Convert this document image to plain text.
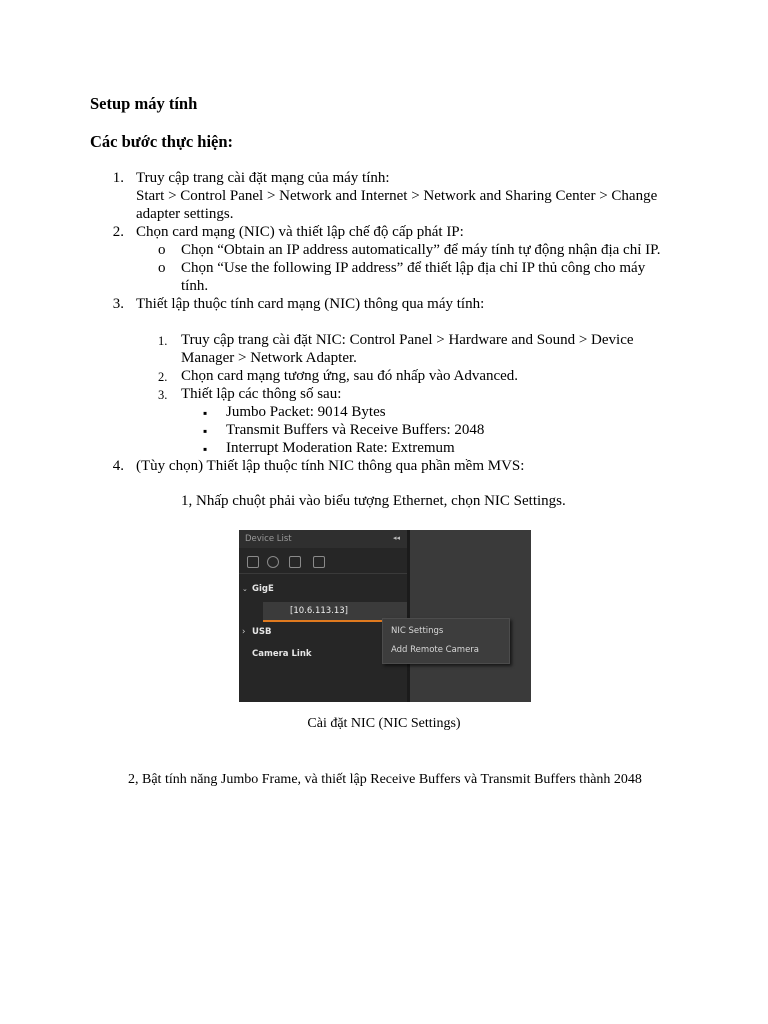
Setup máy tính
Các bước thực hiện:
1. Truy cập trang cài đặt mạng của máy tính:
Start > Control Panel > Network and Internet > Network and Sharing Center > Change
adapter settings.
2. Chọn card mạng (NIC) và thiết lập chế độ cấp phát IP:
o Chọn “Obtain an IP address automatically” để máy tính tự động nhận địa chỉ IP.
o Chọn “Use the following IP address” để thiết lập địa chỉ IP thủ công cho máy
tính.
3. Thiết lập thuộc tính card mạng (NIC) thông qua máy tính:
1. Truy cập trang cài đặt NIC: Control Panel > Hardware and Sound > Device
Manager > Network Adapter.
2. Chọn card mạng tương ứng, sau đó nhấp vào Advanced.
3. Thiết lập các thông số sau:
▪ Jumbo Packet: 9014 Bytes
▪ Transmit Buffers và Receive Buffers: 2048
▪ Interrupt Moderation Rate: Extremum
4. (Tùy chọn) Thiết lập thuộc tính NIC thông qua phần mềm MVS:
1, Nhấp chuột phải vào biểu tượng Ethernet, chọn NIC Settings.
Device List	◂◂
⌄ GigE
[10.6.113.13]
› USB
Camera Link
NIC Settings
Add Remote Camera
Cài đặt NIC (NIC Settings)
2, Bật tính năng Jumbo Frame, và thiết lập Receive Buffers và Transmit Buffers thành 2048
